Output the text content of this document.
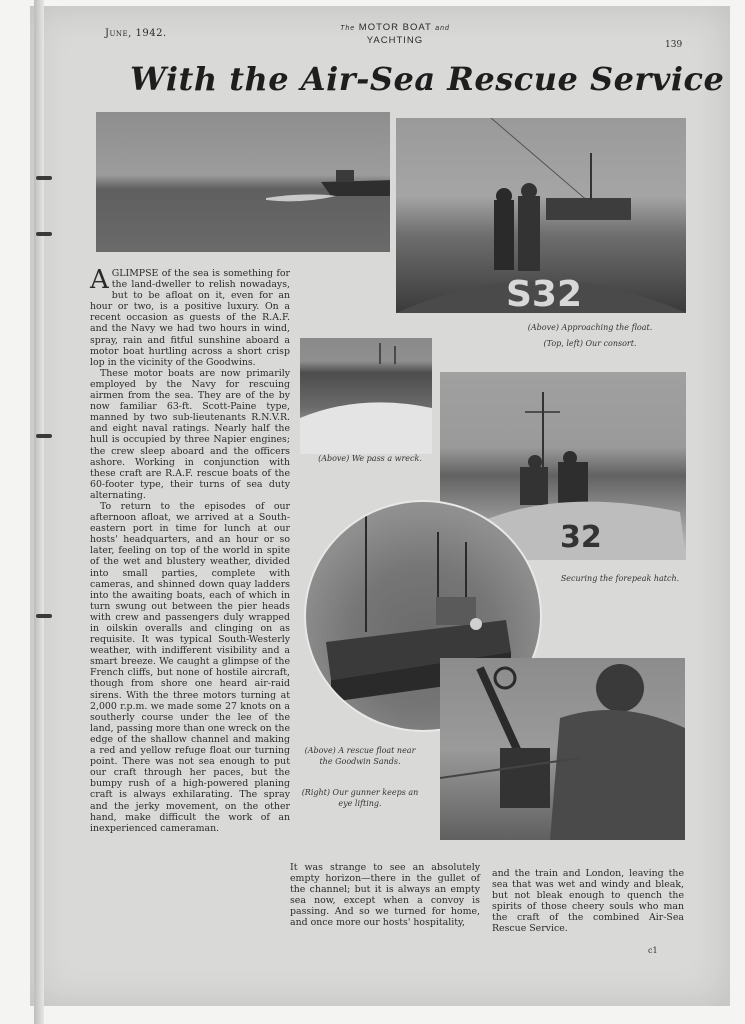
June, 1942.	The MOTOR BOAT and
YACHTING	139
With the Air-Sea Rescue Service
S32
(Above) Approaching the float.
(Top, left) Our consort.
(Above) We pass a wreck.
32
Securing the forepeak hatch.
(Above) A rescue float near
the Goodwin Sands.
(Right) Our gunner keeps an
eye lifting.

AGLIMPSE of the sea is something for the land-dweller to relish nowadays, but to be afloat on it, even for an hour or two, is a positive luxury. On a recent occasion as guests of the R.A.F. and the Navy we had two hours in wind, spray, rain and fitful sunshine aboard a motor boat hurtling across a short crisp lop in the vicinity of the Goodwins.

These motor boats are now primarily employed by the Navy for rescuing airmen from the sea. They are of the by now familiar 63-ft. Scott-Paine type, manned by two sub-lieutenants R.N.V.R. and eight naval ratings. Nearly half the hull is occupied by three Napier engines; the crew sleep aboard and the officers ashore. Working in conjunction with these craft are R.A.F. rescue boats of the 60-footer type, their turns of sea duty alternating.

To return to the episodes of our afternoon afloat, we arrived at a South-eastern port in time for lunch at our hosts' headquarters, and an hour or so later, feeling on top of the world in spite of the wet and blustery weather, divided into small parties, complete with cameras, and shinned down quay ladders into the awaiting boats, each of which in turn swung out between the pier heads with crew and passengers duly wrapped in oilskin overalls and clinging on as requisite. It was typical South-Westerly weather, with indifferent visibility and a smart breeze. We caught a glimpse of the French cliffs, but none of hostile aircraft, though from shore one heard air-raid sirens. With the three motors turning at 2,000 r.p.m. we made some 27 knots on a southerly course under the lee of the land, passing more than one wreck on the edge of the shallow channel and making a red and yellow refuge float our turning point. There was not sea enough to put our craft through her paces, but the bumpy rush of a high-powered planing craft is always exhilarating. The spray and the jerky movement, on the other hand, make difficult the work of an inexperienced cameraman.

It was strange to see an absolutely empty horizon—there in the gullet of the channel; but it is always an empty sea now, except when a convoy is passing. And so we turned for home, and once more our hosts' hospitality,
and the train and London, leaving the sea that was wet and windy and bleak, but not bleak enough to quench the spirits of those cheery souls who man the craft of the combined Air-Sea Rescue Service.
c1
